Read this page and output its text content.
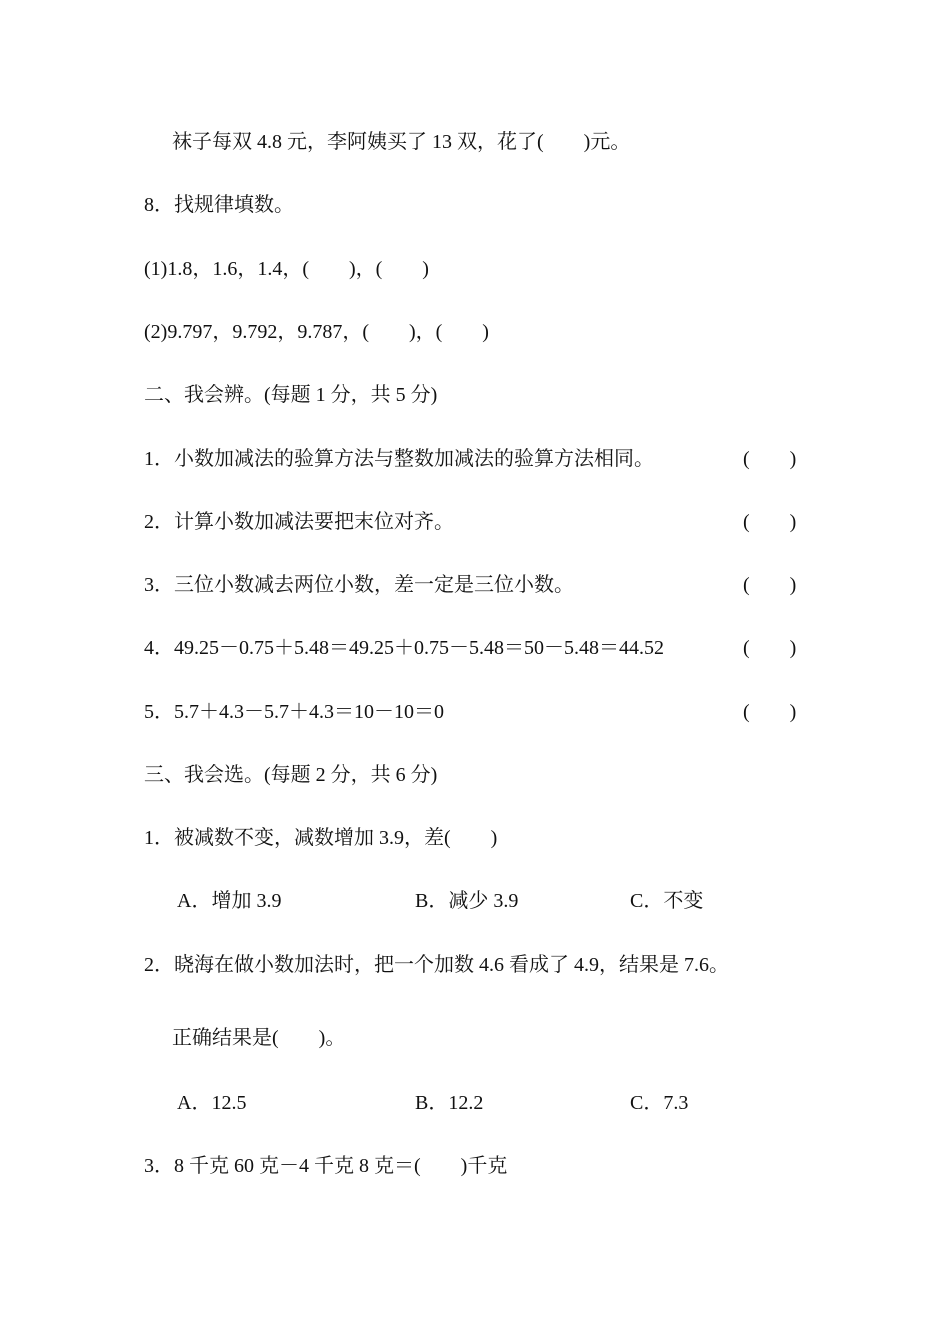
袜子每双 4.8 元，李阿姨买了 13 双，花了(　　)元。
8．找规律填数。
(1)1.8，1.6，1.4，(　　)，(　　)
(2)9.797，9.792，9.787，(　　)，(　　)
二、我会辨。(每题 1 分，共 5 分)
1．小数加减法的验算方法与整数加减法的验算方法相同。	(　　)
2．计算小数加减法要把末位对齐。	(　　)
3．三位小数减去两位小数，差一定是三位小数。	(　　)
4．49.25－0.75＋5.48＝49.25＋0.75－5.48＝50－5.48＝44.52	(　　)
5．5.7＋4.3－5.7＋4.3＝10－10＝0	(　　)
三、我会选。(每题 2 分，共 6 分)
1．被减数不变，减数增加 3.9，差(　　)
A．增加 3.9	B．减少 3.9	C．不变
2．晓海在做小数加法时，把一个加数 4.6 看成了 4.9，结果是 7.6。
正确结果是(　　)。
A．12.5	B．12.2	C．7.3
3．8 千克 60 克－4 千克 8 克＝(　　)千克
